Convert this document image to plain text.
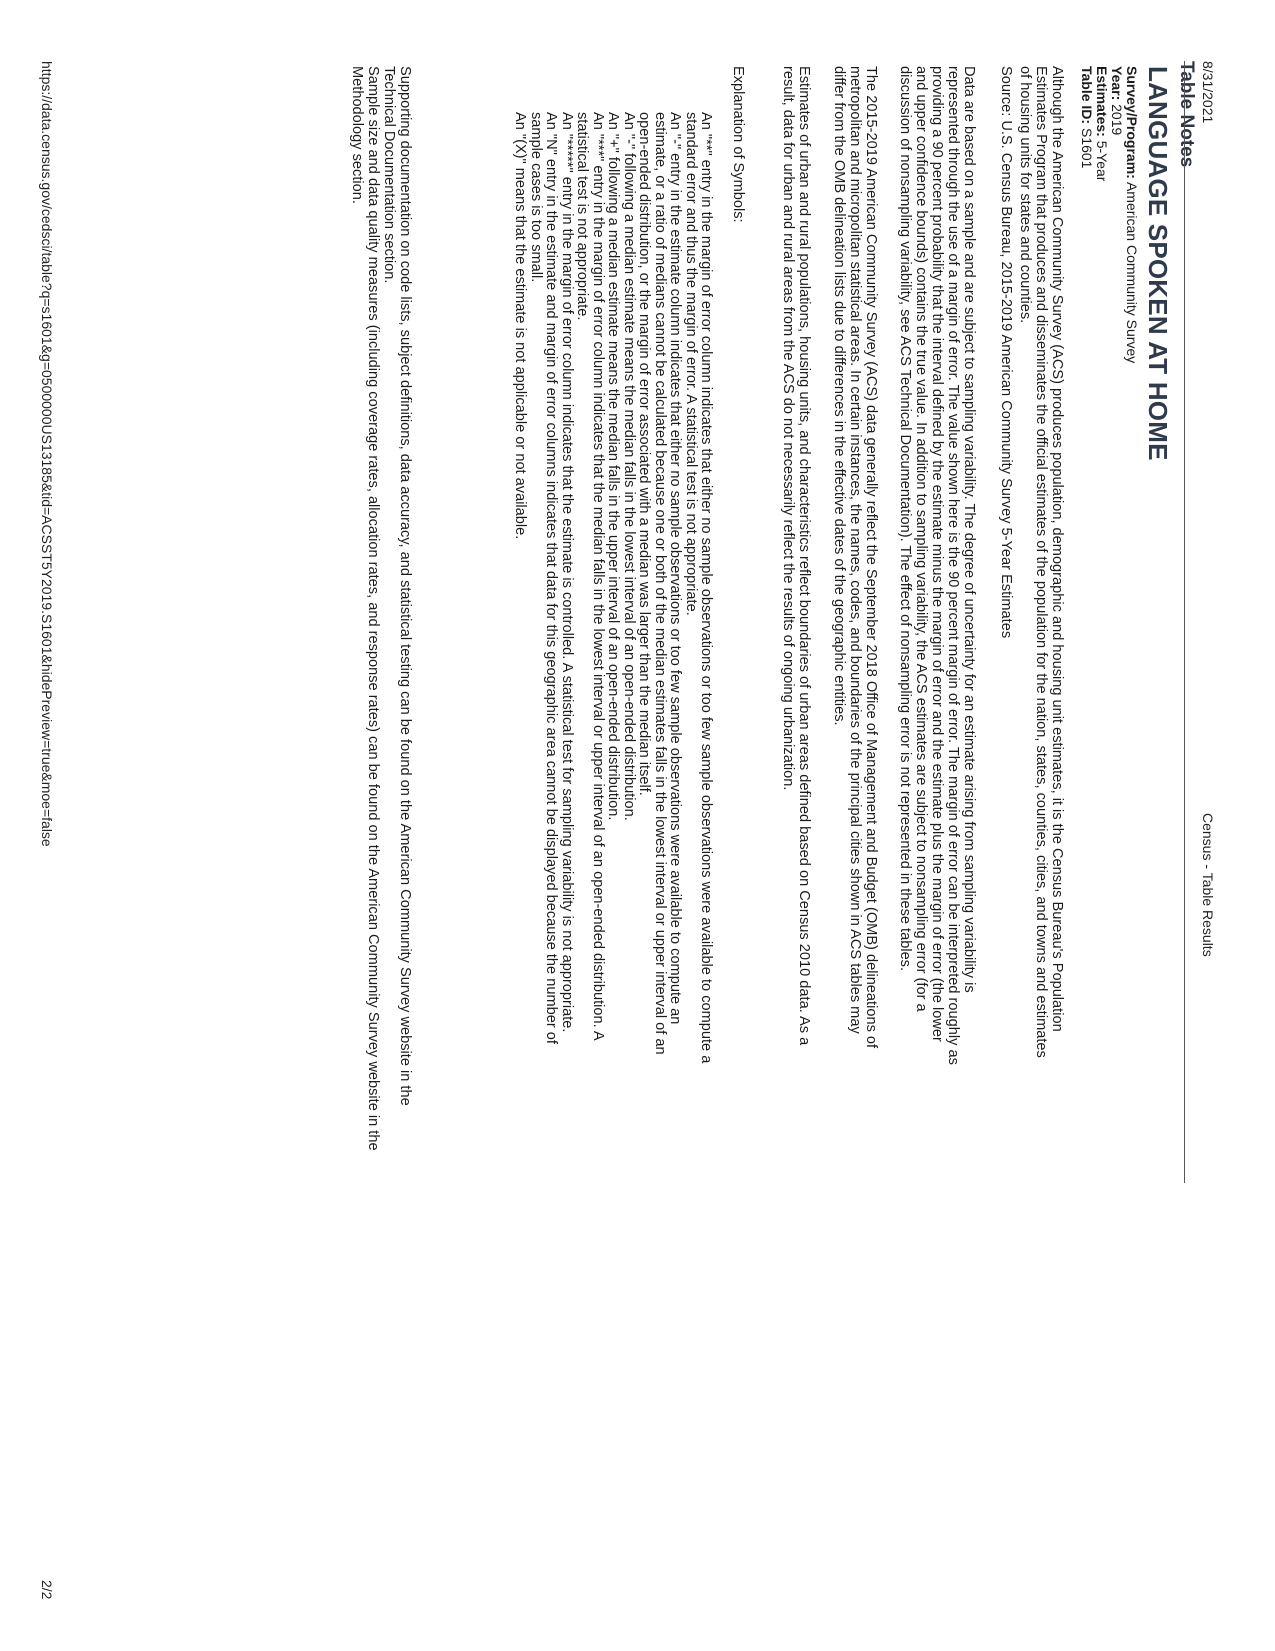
8/31/2021
Census - Table Results
Table Notes
LANGUAGE SPOKEN AT HOME
Survey/Program: American Community Survey
Year: 2019
Estimates: 5-Year
Table ID: S1601

Although the American Community Survey (ACS) produces population, demographic and housing unit estimates, it is the Census Bureau's Population Estimates Program that produces and disseminates the official estimates of the population for the nation, states, counties, cities, and towns and estimates of housing units for states and counties.

Source: U.S. Census Bureau, 2015-2019 American Community Survey 5-Year Estimates

Data are based on a sample and are subject to sampling variability. The degree of uncertainty for an estimate arising from sampling variability is represented through the use of a margin of error. The value shown here is the 90 percent margin of error. The margin of error can be interpreted roughly as providing a 90 percent probability that the interval defined by the estimate minus the margin of error and the estimate plus the margin of error (the lower and upper confidence bounds) contains the true value. In addition to sampling variability, the ACS estimates are subject to nonsampling error (for a discussion of nonsampling variability, see ACS Technical Documentation). The effect of nonsampling error is not represented in these tables.

The 2015-2019 American Community Survey (ACS) data generally reflect the September 2018 Office of Management and Budget (OMB) delineations of metropolitan and micropolitan statistical areas. In certain instances, the names, codes, and boundaries of the principal cities shown in ACS tables may differ from the OMB delineation lists due to differences in the effective dates of the geographic entities.

Estimates of urban and rural populations, housing units, and characteristics reflect boundaries of urban areas defined based on Census 2010 data. As a result, data for urban and rural areas from the ACS do not necessarily reflect the results of ongoing urbanization.

Explanation of Symbols:

An "**" entry in the margin of error column indicates that either no sample observations or too few sample observations were available to compute a standard error and thus the margin of error. A statistical test is not appropriate.
An "-" entry in the estimate column indicates that either no sample observations or too few sample observations were available to compute an estimate, or a ratio of medians cannot be calculated because one or both of the median estimates falls in the lowest interval or upper interval of an open-ended distribution, or the margin of error associated with a median was larger than the median itself.
An "-" following a median estimate means the median falls in the lowest interval of an open-ended distribution.
An "+" following a median estimate means the median falls in the upper interval of an open-ended distribution.
An "***" entry in the margin of error column indicates that the median falls in the lowest interval or upper interval of an open-ended distribution. A statistical test is not appropriate.
An "*****" entry in the margin of error column indicates that the estimate is controlled. A statistical test for sampling variability is not appropriate.
An "N" entry in the estimate and margin of error columns indicates that data for this geographic area cannot be displayed because the number of sample cases is too small.
An "(X)" means that the estimate is not applicable or not available.

Supporting documentation on code lists, subject definitions, data accuracy, and statistical testing can be found on the American Community Survey website in the Technical Documentation section.

Sample size and data quality measures (including coverage rates, allocation rates, and response rates) can be found on the American Community Survey website in the Methodology section.

https://data.census.gov/cedsci/table?q=s1601&g=0500000US13185&tid=ACSST5Y2019.S1601&hidePreview=true&moe=false
2/2
